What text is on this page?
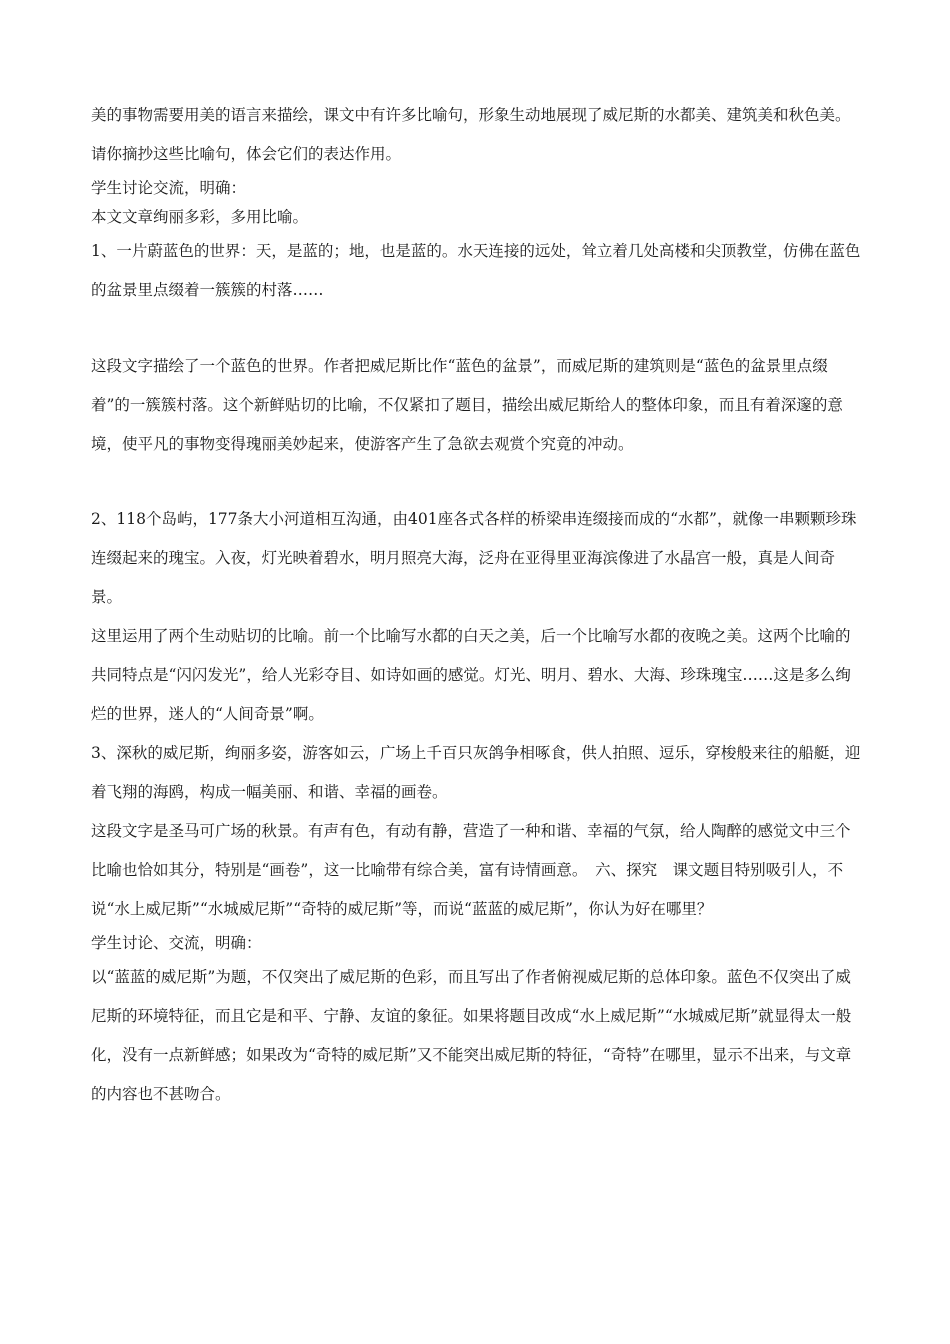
美的事物需要用美的语言来描绘，课文中有许多比喻句，形象生动地展现了威尼斯的水都美、建筑美和秋色美。请你摘抄这些比喻句，体会它们的表达作用。

学生讨论交流，明确：

本文文章绚丽多彩，多用比喻。

1、一片蔚蓝色的世界：天，是蓝的；地，也是蓝的。水天连接的远处，耸立着几处高楼和尖顶教堂，仿佛在蓝色的盆景里点缀着一簇簇的村落……

这段文字描绘了一个蓝色的世界。作者把威尼斯比作“蓝色的盆景”，而威尼斯的建筑则是“蓝色的盆景里点缀着”的一簇簇村落。这个新鲜贴切的比喻，不仅紧扣了题目，描绘出威尼斯给人的整体印象，而且有着深邃的意境，使平凡的事物变得瑰丽美妙起来，使游客产生了急欲去观赏个究竟的冲动。

2、118个岛屿，177条大小河道相互沟通，由401座各式各样的桥梁串连缀接而成的“水都”，就像一串颗颗珍珠连缀起来的瑰宝。入夜，灯光映着碧水，明月照亮大海，泛舟在亚得里亚海滨像进了水晶宫一般，真是人间奇景。

这里运用了两个生动贴切的比喻。前一个比喻写水都的白天之美，后一个比喻写水都的夜晚之美。这两个比喻的共同特点是“闪闪发光”，给人光彩夺目、如诗如画的感觉。灯光、明月、碧水、大海、珍珠瑰宝……这是多么绚烂的世界，迷人的“人间奇景”啊。

3、深秋的威尼斯，绚丽多姿，游客如云，广场上千百只灰鸽争相啄食，供人拍照、逗乐，穿梭般来往的船艇，迎着飞翔的海鸥，构成一幅美丽、和谐、幸福的画卷。

这段文字是圣马可广场的秋景。有声有色，有动有静，营造了一种和谐、幸福的气氛，给人陶醉的感觉文中三个比喻也恰如其分，特别是“画卷”，这一比喻带有综合美，富有诗情画意。　六、探究　课文题目特别吸引人，不说“水上威尼斯”“水城威尼斯”“奇特的威尼斯”等，而说“蓝蓝的威尼斯”，你认为好在哪里？

学生讨论、交流，明确：

以“蓝蓝的威尼斯”为题，不仅突出了威尼斯的色彩，而且写出了作者俯视威尼斯的总体印象。蓝色不仅突出了威尼斯的环境特征，而且它是和平、宁静、友谊的象征。如果将题目改成“水上威尼斯”“水城威尼斯”就显得太一般化，没有一点新鲜感；如果改为“奇特的威尼斯”又不能突出威尼斯的特征，“奇特”在哪里，显示不出来，与文章的内容也不甚吻合。
